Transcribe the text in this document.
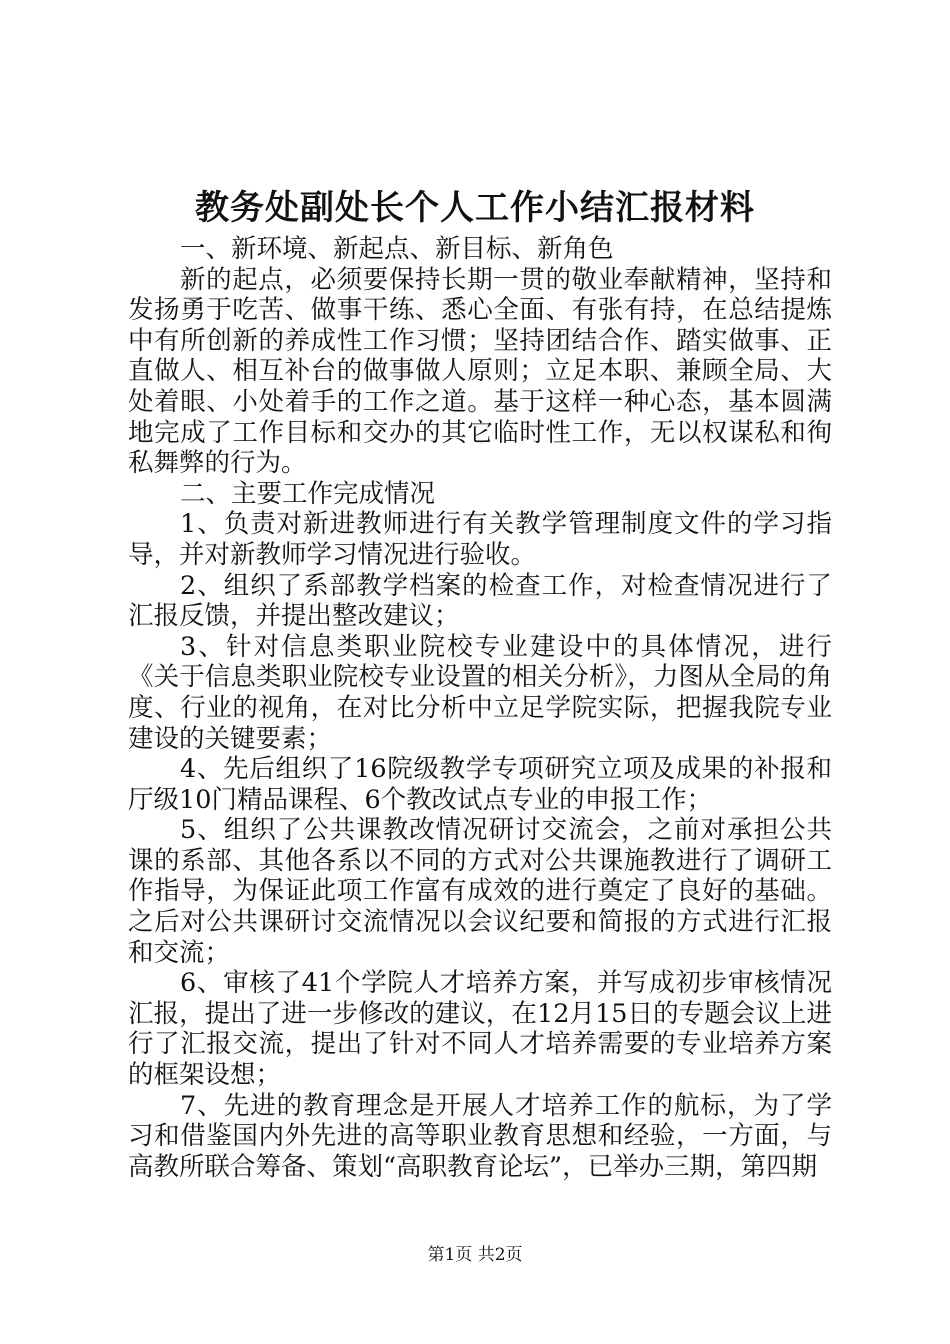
教务处副处长个人工作小结汇报材料

一、新环境、新起点、新目标、新角色

新的起点，必须要保持长期一贯的敬业奉献精神，坚持和发扬勇于吃苦、做事干练、悉心全面、有张有持，在总结提炼中有所创新的养成性工作习惯；坚持团结合作、踏实做事、正直做人、相互补台的做事做人原则；立足本职、兼顾全局、大处着眼、小处着手的工作之道。基于这样一种心态，基本圆满地完成了工作目标和交办的其它临时性工作，无以权谋私和徇私舞弊的行为。

二、主要工作完成情况

1、负责对新进教师进行有关教学管理制度文件的学习指导，并对新教师学习情况进行验收。

2、组织了系部教学档案的检查工作，对检查情况进行了汇报反馈，并提出整改建议；

3、针对信息类职业院校专业建设中的具体情况，进行《关于信息类职业院校专业设置的相关分析》，力图从全局的角度、行业的视角，在对比分析中立足学院实际，把握我院专业建设的关键要素；

4、先后组织了16院级教学专项研究立项及成果的补报和厅级10门精品课程、6个教改试点专业的申报工作；

5、组织了公共课教改情况研讨交流会，之前对承担公共课的系部、其他各系以不同的方式对公共课施教进行了调研工作指导，为保证此项工作富有成效的进行奠定了良好的基础。之后对公共课研讨交流情况以会议纪要和简报的方式进行汇报和交流；

6、审核了41个学院人才培养方案，并写成初步审核情况汇报，提出了进一步修改的建议，在12月15日的专题会议上进行了汇报交流，提出了针对不同人才培养需要的专业培养方案的框架设想；

7、先进的教育理念是开展人才培养工作的航标，为了学习和借鉴国内外先进的高等职业教育思想和经验，一方面，与高教所联合筹备、策划“高职教育论坛”，已举办三期，第四期

第1页 共2页
